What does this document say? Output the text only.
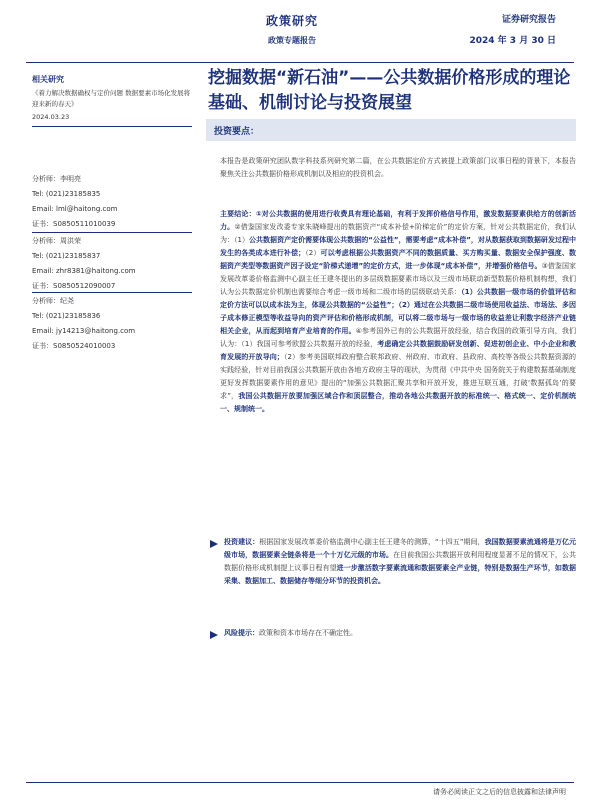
政策研究
政策专题报告
证券研究报告
2024 年 3 月 30 日
相关研究
《着力解决数据确权与定价问题 数据要素市场化发展将迎来新的春天》
2024.03.23
分析师：李明亮
Tel: (021)23185835
Email: lml@haitong.com
证书：S0850511010039
分析师：周洪荣
Tel: (021)23185837
Email: zhr8381@haitong.com
证书：S0850512090007
分析师：纪尧
Tel: (021)23185836
Email: jy14213@haitong.com
证书：S0850524010003
挖掘数据“新石油”——公共数据价格形成的理论基础、机制讨论与投资展望
投资要点：
本报告是政策研究团队数字科技系列研究第二篇，在公共数据定价方式被提上政策部门议事日程的背景下，本报告聚焦关注公共数据价格形成机制以及相应的投资机会。
主要结论：①对公共数据的使用进行收费具有理论基础，有利于发挥价格信号作用，激发数据要素供给方的创新活力。②借鉴国家发改委专家朱晓峰提出的数据资产“成本补偿+阶梯定价”的定价方案，针对公共数据定价，我们认为：（1）公共数据资产定价需要体现公共数据的“公益性”，需要考虑“成本补偿”，对从数据获取到数据研发过程中发生的各类成本进行补偿；（2）可以考虑根据公共数据资产不同的数据质量、买方购买量、数据安全保护强度、数据资产类型等数据资产因子设定“阶梯式递增”的定价方式，进一步体现“成本补偿”，并增强价格信号。③借鉴国家发展改革委价格监测中心副主任王建冬提出的多层级数据要素市场以及三级市场联动新型数据价格机制构想，我们认为公共数据定价机制也需要综合考虑一级市场和二级市场的层级联动关系：（1）公共数据一级市场的价值评估和定价方法可以以成本法为主，体现公共数据的“公益性”；（2）通过在公共数据二级市场使用收益法、市场法、多因子成本修正模型等收益导向的资产评估和价格形成机制，可以将二级市场与一级市场的收益差让利数字经济产业链相关企业，从而起到培育产业培育的作用。④参考国外已有的公共数据开放经验，结合我国的政策引导方向，我们认为：（1）我国可参考欧盟公共数据开放的经验，考虑确定公共数据鼓励研发创新、促进初创企业、中小企业和教育发展的开放导向；（2）参考美国联邦政府整合联邦政府、州政府、市政府、县政府、高校等各级公共数据资源的实践经验，针对目前我国公共数据开放由各地方政府主导的现状，为贯彻《中共中央 国务院关于构建数据基础制度更好发挥数据要素作用的意见》提出的“加强公共数据汇聚共享和开放开发，推进互联互通，打破‘数据孤岛’的要求”，我国公共数据开放要加强区域合作和顶层整合，推动各地公共数据开放的标准统一、格式统一、定价机制统一、规制统一。
投资建议：根据国家发展改革委价格监测中心副主任王建冬的测算，“十四五”期间，我国数据要素流通将是万亿元级市场，数据要素全链条将是一个十万亿元级的市场。在目前我国公共数据开放利用程度显著不足的情况下，公共数据价格形成机制提上议事日程有望进一步激活数字要素流通和数据要素全产业链，特别是数据生产环节，如数据采集、数据加工、数据储存等细分环节的投资机会。
风险提示：政策和资本市场存在不确定性。
请务必阅读正文之后的信息披露和法律声明
